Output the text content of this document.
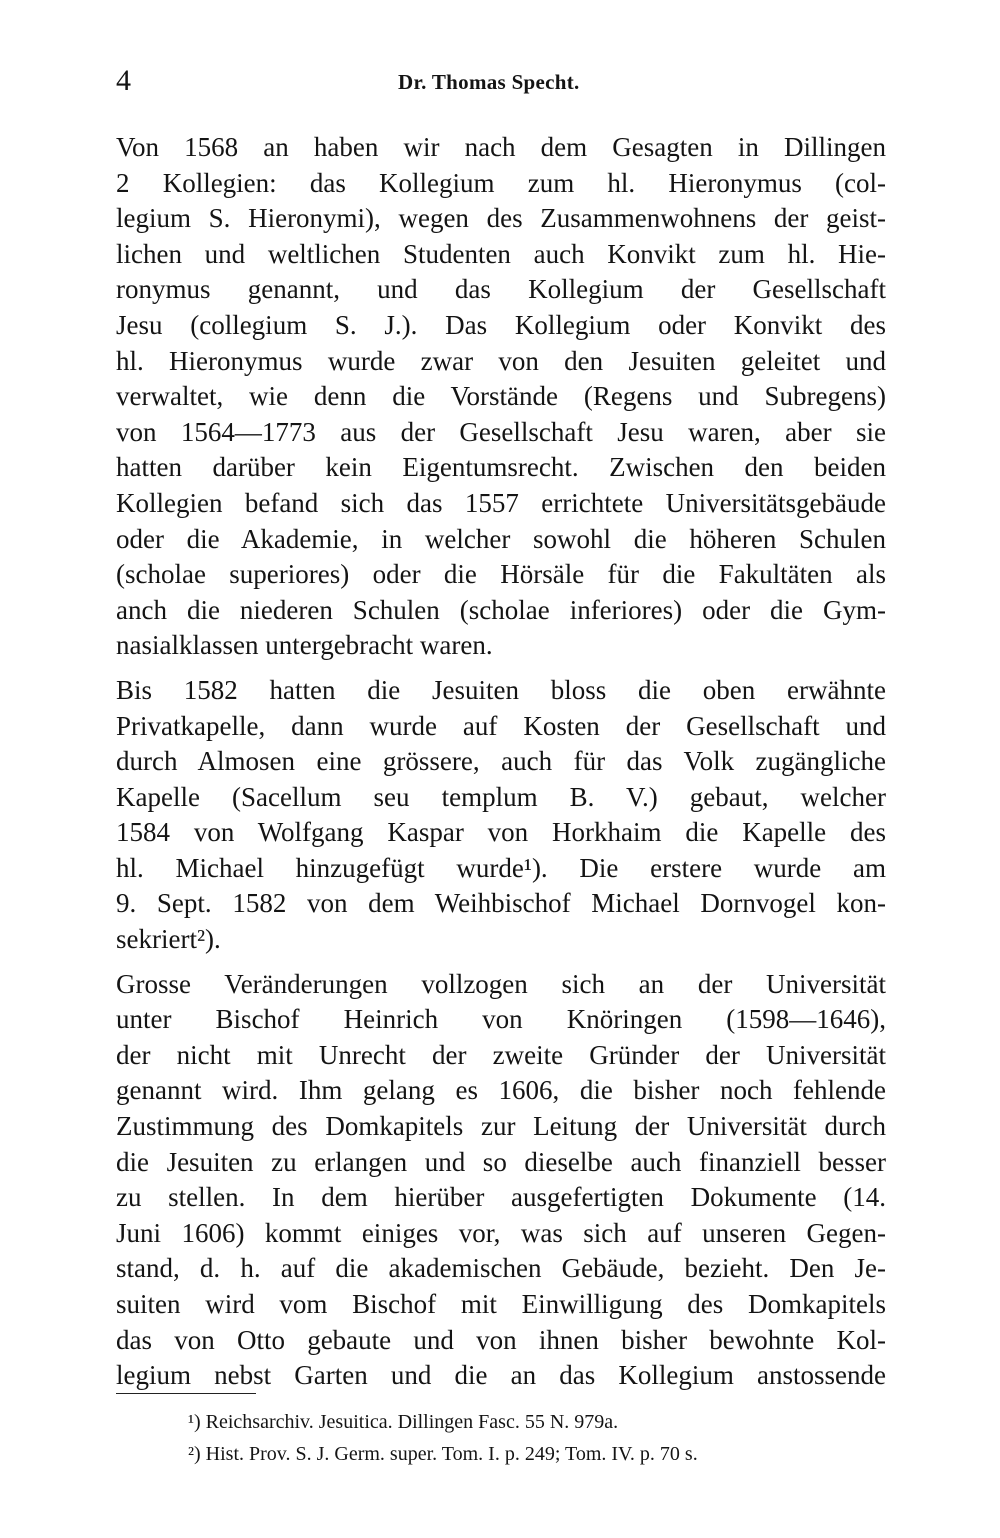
4	Dr. Thomas Specht.

Von 1568 an haben wir nach dem Gesagten in Dillingen
2 Kollegien: das Kollegium zum hl. Hieronymus (col-
legium S. Hieronymi), wegen des Zusammenwohnens der geist-
lichen und weltlichen Studenten auch Konvikt zum hl. Hie-
ronymus genannt, und das Kollegium der Gesellschaft
Jesu (collegium S. J.). Das Kollegium oder Konvikt des
hl. Hieronymus wurde zwar von den Jesuiten geleitet und
verwaltet, wie denn die Vorstände (Regens und Subregens)
von 1564—1773 aus der Gesellschaft Jesu waren, aber sie
hatten darüber kein Eigentumsrecht. Zwischen den beiden
Kollegien befand sich das 1557 errichtete Universitätsgebäude
oder die Akademie, in welcher sowohl die höheren Schulen
(scholae superiores) oder die Hörsäle für die Fakultäten als
anch die niederen Schulen (scholae inferiores) oder die Gym-
nasialklassen untergebracht waren.

Bis 1582 hatten die Jesuiten bloss die oben erwähnte
Privatkapelle, dann wurde auf Kosten der Gesellschaft und
durch Almosen eine grössere, auch für das Volk zugängliche
Kapelle (Sacellum seu templum B. V.) gebaut, welcher
1584 von Wolfgang Kaspar von Horkhaim die Kapelle des
hl. Michael hinzugefügt wurde¹). Die erstere wurde am
9. Sept. 1582 von dem Weihbischof Michael Dornvogel kon-
sekriert²).

Grosse Veränderungen vollzogen sich an der Universität
unter Bischof Heinrich von Knöringen (1598—1646),
der nicht mit Unrecht der zweite Gründer der Universität
genannt wird. Ihm gelang es 1606, die bisher noch fehlende
Zustimmung des Domkapitels zur Leitung der Universität durch
die Jesuiten zu erlangen und so dieselbe auch finanziell besser
zu stellen. In dem hierüber ausgefertigten Dokumente (14.
Juni 1606) kommt einiges vor, was sich auf unseren Gegen-
stand, d. h. auf die akademischen Gebäude, bezieht. Den Je-
suiten wird vom Bischof mit Einwilligung des Domkapitels
das von Otto gebaute und von ihnen bisher bewohnte Kol-
legium nebst Garten und die an das Kollegium anstossende

¹) Reichsarchiv. Jesuitica. Dillingen Fasc. 55 N. 979a.
²) Hist. Prov. S. J. Germ. super. Tom. I. p. 249; Tom. IV. p. 70 s.
